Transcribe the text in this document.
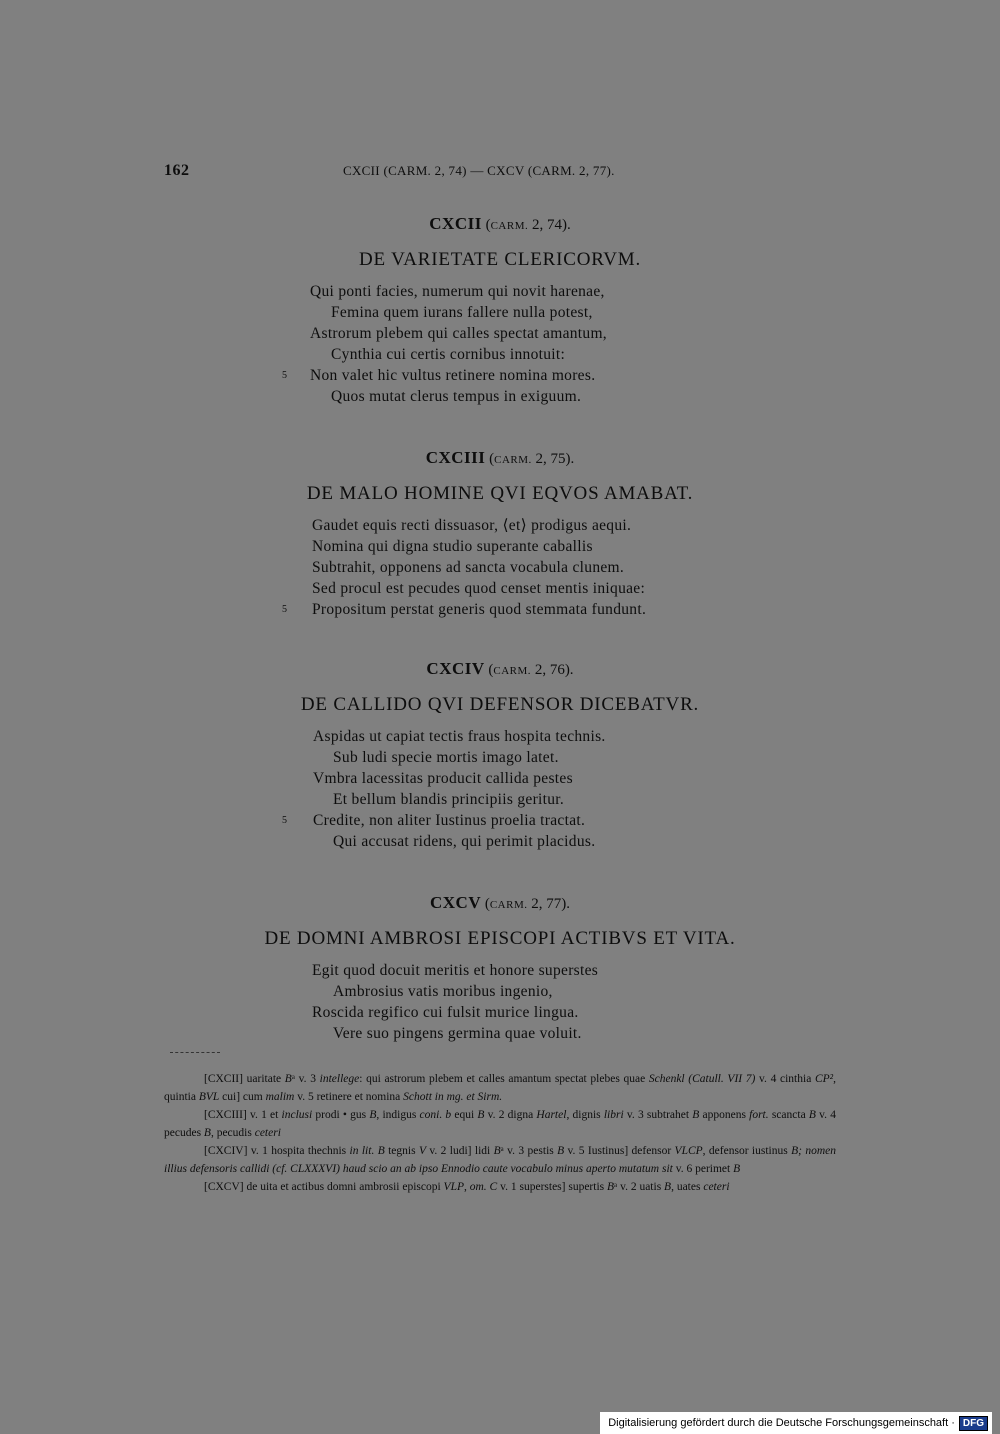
162	CXCII (CARM. 2, 74) — CXCV (CARM. 2, 77).
CXCII (CARM. 2, 74).
DE VARIETATE CLERICORVM.
Qui ponti facies, numerum qui novit harenae,
Femina quem iurans fallere nulla potest,
Astrorum plebem qui calles spectat amantum,
Cynthia cui certis cornibus innotuit:
5 Non valet hic vultus retinere nomina mores.
Quos mutat clerus tempus in exiguum.
CXCIII (CARM. 2, 75).
DE MALO HOMINE QVI EQVOS AMABAT.
Gaudet equis recti dissuasor, ⟨et⟩ prodigus aequi.
Nomina qui digna studio superante caballis
Subtrahit, opponens ad sancta vocabula clunem.
Sed procul est pecudes quod censet mentis iniquae:
5 Propositum perstat generis quod stemmata fundunt.
CXCIV (CARM. 2, 76).
DE CALLIDO QVI DEFENSOR DICEBATVR.
Aspidas ut capiat tectis fraus hospita technis.
Sub ludi specie mortis imago latet.
Vmbra lacessitas producit callida pestes
Et bellum blandis principiis geritur.
5 Credite, non aliter Iustinus proelia tractat.
Qui accusat ridens, qui perimit placidus.
CXCV (CARM. 2, 77).
DE DOMNI AMBROSI EPISCOPI ACTIBVS ET VITA.
Egit quod docuit meritis et honore superstes
Ambrosius vatis moribus ingenio,
Roscida regifico cui fulsit murice lingua.
Vere suo pingens germina quae voluit.

[CXCII] uaritate Bᵃ v. 3 intellege: qui astrorum plebem et calles amantum spectat plebes quae Schenkl (Catull. VII 7) v. 4 cinthia CP², quintia BVL cui] cum malim v. 5 retinere et nomina Schott in mg. et Sirm.

[CXCIII] v. 1 et inclusi prodi • gus B, indigus coni. b equi B v. 2 digna Hartel, dignis libri v. 3 subtrahet B apponens fort. scancta B v. 4 pecudes B, pecudis ceteri

[CXCIV] v. 1 hospita thechnis in lit. B tegnis V v. 2 ludi] lidi Bᵃ v. 3 pestis B v. 5 Iustinus] defensor VLCP, defensor iustinus B; nomen illius defensoris callidi (cf. CLXXXVI) haud scio an ab ipso Ennodio caute vocabulo minus aperto mutatum sit v. 6 perimet B

[CXCV] de uita et actibus domni ambrosii episcopi VLP, om. C v. 1 superstes] supertis Bᵃ v. 2 uatis B, uates ceteri

Digitalisierung gefördert durch die Deutsche Forschungsgemeinschaft · DFG
